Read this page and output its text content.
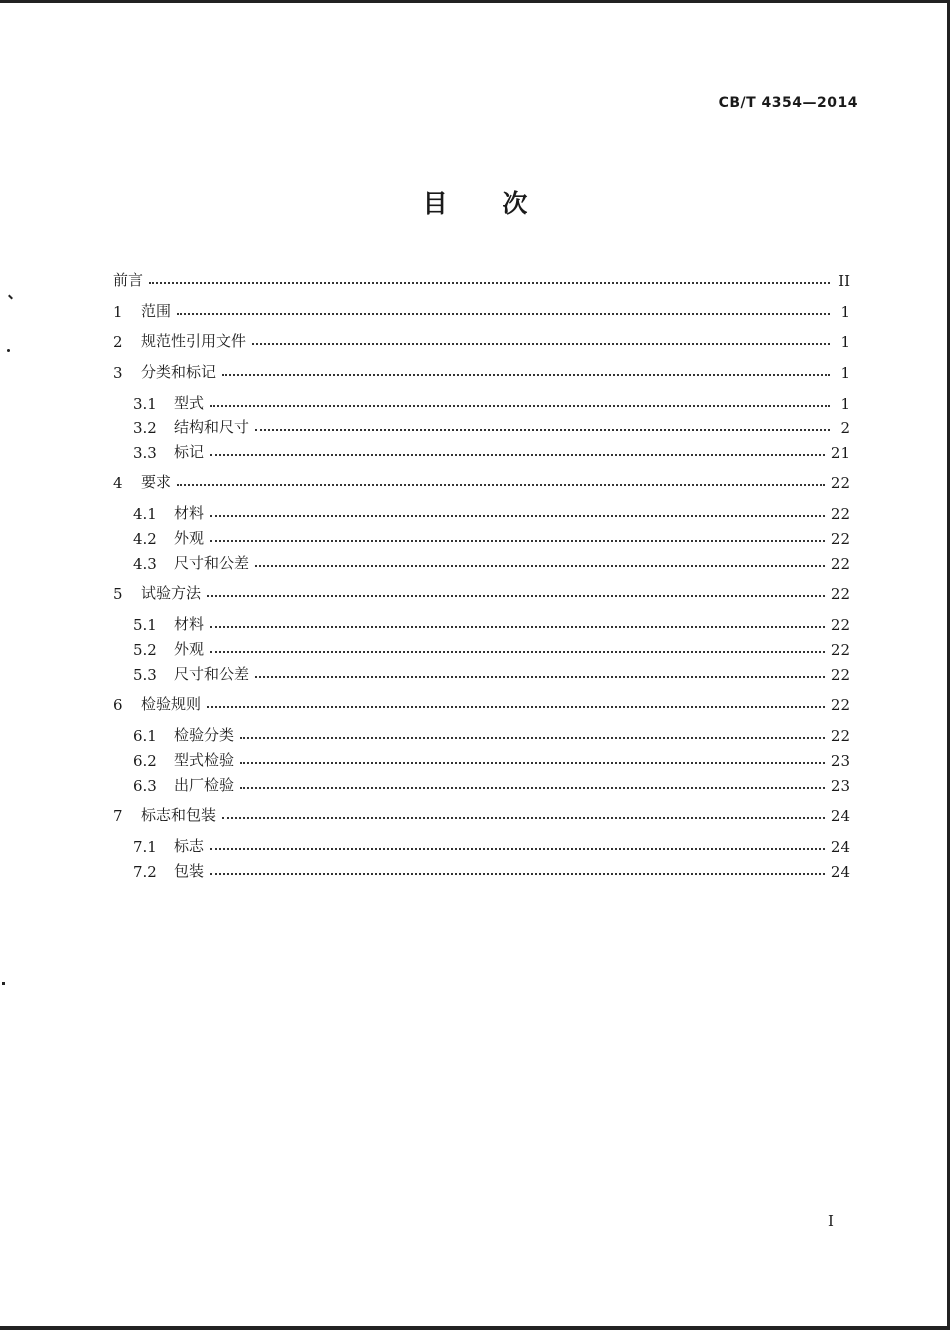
CB/T 4354—2014
目 次
前言	II
1	范围	1
2	规范性引用文件	1
3	分类和标记	1
3.1	型式	1
3.2	结构和尺寸	2
3.3	标记	21
4	要求	22
4.1	材料	22
4.2	外观	22
4.3	尺寸和公差	22
5	试验方法	22
5.1	材料	22
5.2	外观	22
5.3	尺寸和公差	22
6	检验规则	22
6.1	检验分类	22
6.2	型式检验	23
6.3	出厂检验	23
7	标志和包装	24
7.1	标志	24
7.2	包装	24
I
